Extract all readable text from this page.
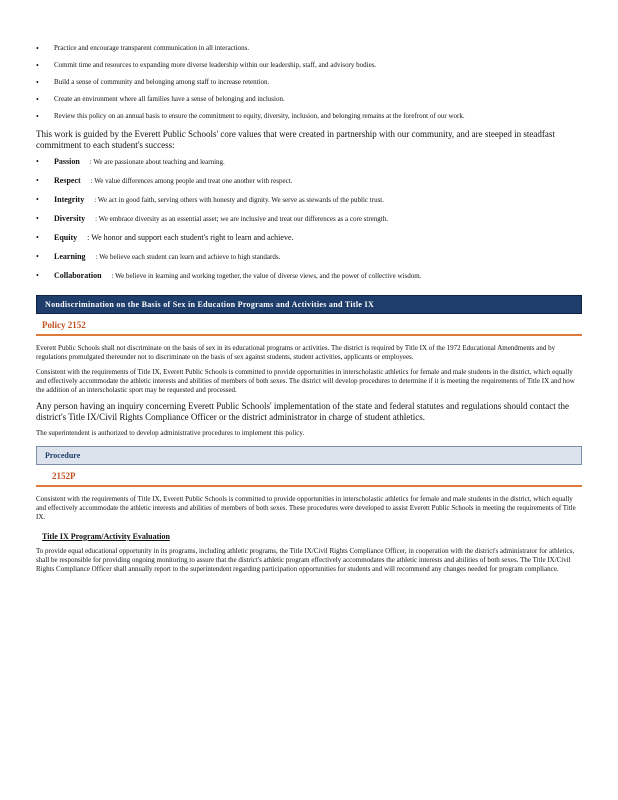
• Practice and encourage transparent communication in all interactions.
• Commit time and resources to expanding more diverse leadership within our leadership, staff, and advisory bodies.
• Build a sense of community and belonging among staff to increase retention.
• Create an environment where all families have a sense of belonging and inclusion.
• Review this policy on an annual basis to ensure the commitment to equity, diversity, inclusion, and belonging remains at the forefront of our work.

This work is guided by the Everett Public Schools' core values that were created in partnership with our community, and are steeped in steadfast commitment to each student's success:

• Passion : We are passionate about teaching and learning.
• Respect : We value differences among people and treat one another with respect.
• Integrity : We act in good faith, serving others with honesty and dignity. We serve as stewards of the public trust.
• Diversity : We embrace diversity as an essential asset; we are inclusive and treat our differences as a core strength.
• Equity : We honor and support each student's right to learn and achieve.
• Learning : We believe each student can learn and achieve to high standards.
• Collaboration : We believe in learning and working together, the value of diverse views, and the power of collective wisdom.
Nondiscrimination on the Basis of Sex in Education Programs and Activities and Title IX
Policy 2152

Everett Public Schools shall not discriminate on the basis of sex in its educational programs or activities. The district is required by Title IX of the 1972 Educational Amendments and by regulations promulgated thereunder not to discriminate on the basis of sex against students, student activities, applicants or employees.

Consistent with the requirements of Title IX, Everett Public Schools is committed to provide opportunities in interscholastic athletics for female and male students in the district, which equally and effectively accommodate the athletic interests and abilities of members of both sexes. The district will develop procedures to determine if it is meeting the requirements of Title IX and how the addition of an interscholastic sport may be requested and processed.

Any person having an inquiry concerning Everett Public Schools' implementation of the state and federal statutes and regulations should contact the district's Title IX/Civil Rights Compliance Officer or the district administrator in charge of student athletics.

The superintendent is authorized to develop administrative procedures to implement this policy.

Procedure
2152P

Consistent with the requirements of Title IX, Everett Public Schools is committed to provide opportunities in interscholastic athletics for female and male students in the district, which equally and effectively accommodate the athletic interests and abilities of members of both sexes. These procedures were developed to assist Everett Public Schools in meeting the requirements of Title IX.

Title IX Program/Activity Evaluation

To provide equal educational opportunity in its programs, including athletic programs, the Title IX/Civil Rights Compliance Officer, in cooperation with the district's administrator for athletics, shall be responsible for providing ongoing monitoring to assure that the district's athletic program effectively accommodates the athletic interests and abilities of both sexes. The Title IX/Civil Rights Compliance Officer shall annually report to the superintendent regarding participation opportunities for students and will recommend any changes needed for program compliance.
